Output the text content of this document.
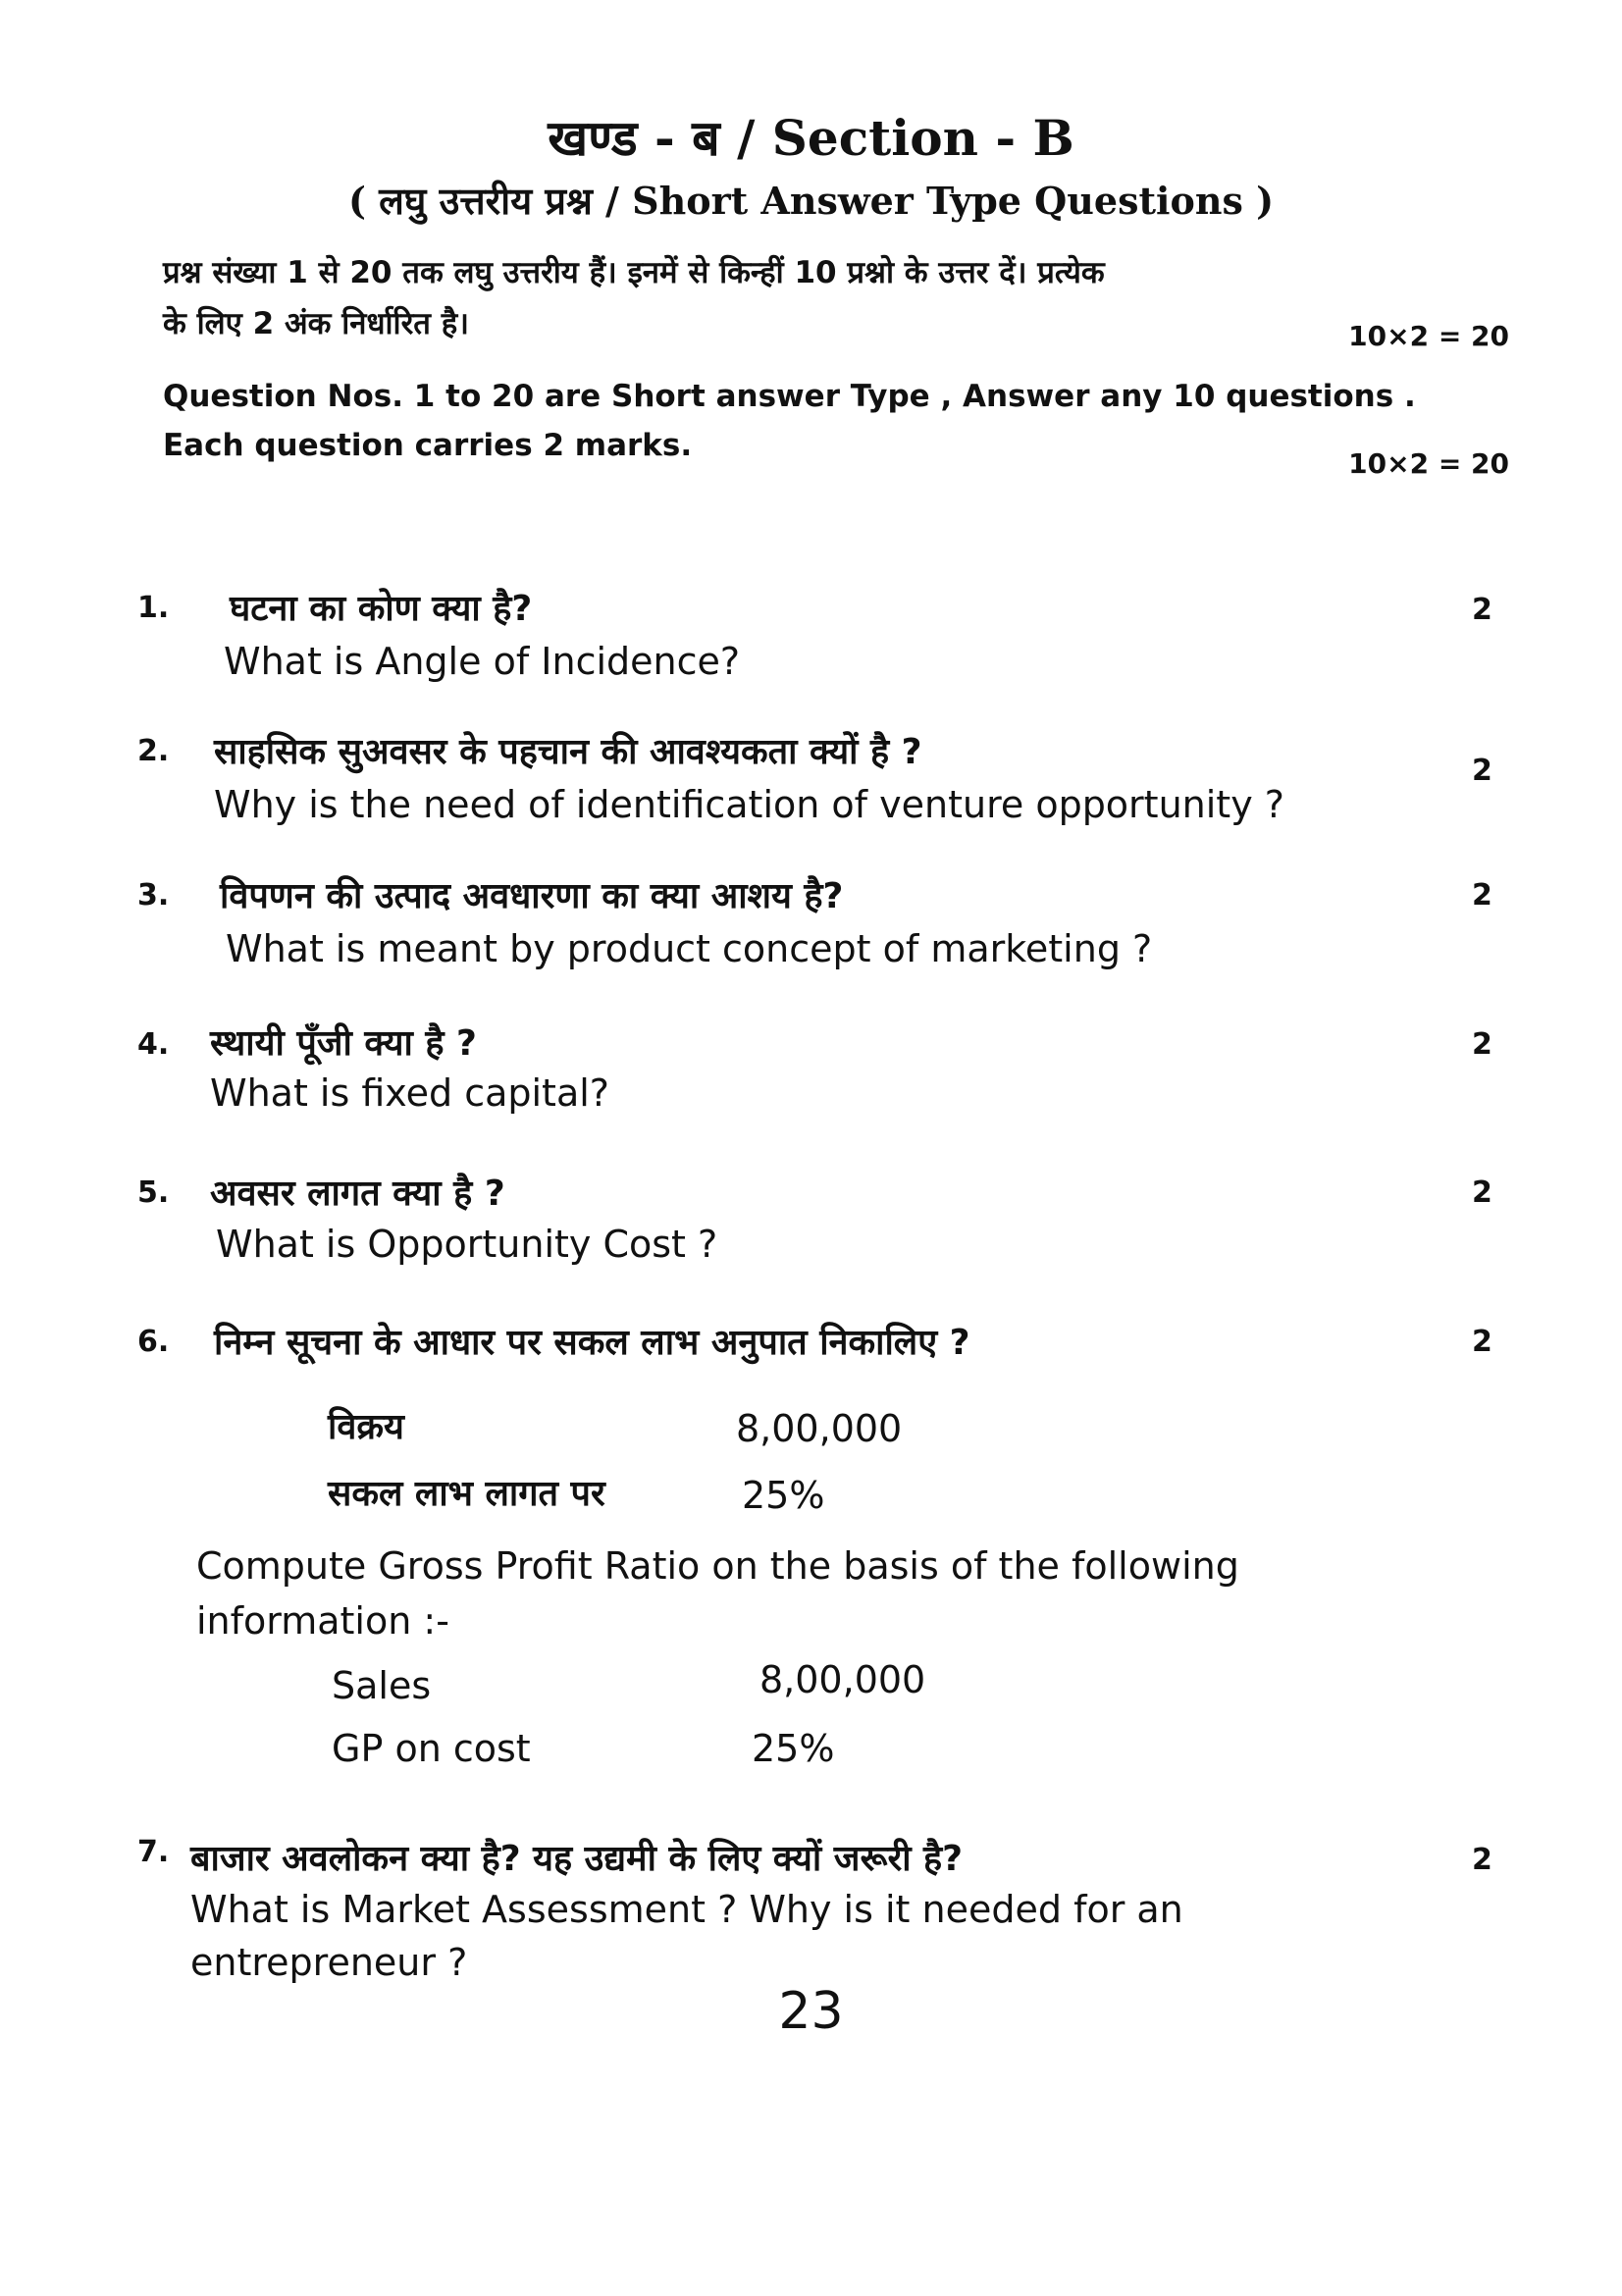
खण्ड - ब / Section - B
( लघु उत्तरीय प्रश्न / Short Answer Type Questions )
प्रश्न संख्या 1 से 20 तक लघु उत्तरीय हैं। इनमें से किन्हीं 10 प्रश्नो के उत्तर दें। प्रत्येक
के लिए 2 अंक निर्धारित है।	10×2 = 20
Question Nos. 1 to 20 are Short answer Type , Answer any 10 questions .
Each question carries 2 marks.
10×2 = 20
1. घटना का कोण क्या है?	2
What is Angle of Incidence?
2. साहसिक सुअवसर के पहचान की आवश्यकता क्यों है ?	2
Why is the need of identification of venture opportunity ?
3. विपणन की उत्पाद अवधारणा का क्या आशय है?	2
What is meant by product concept of marketing ?
4. स्थायी पूँजी क्या है ?	2
What is fixed capital?
5. अवसर लागत क्या है ?	2
What is Opportunity Cost ?
6. निम्न सूचना के आधार पर सकल लाभ अनुपात निकालिए ?	2
विक्रय	8,00,000
सकल लाभ लागत पर	25%
Compute Gross Profit Ratio on the basis of the following
information :-
Sales	8,00,000
GP on cost	25%
7. बाजार अवलोकन क्या है? यह उद्यमी के लिए क्यों जरूरी है?	2
What is Market Assessment ? Why is it needed for an
entrepreneur ?
23
